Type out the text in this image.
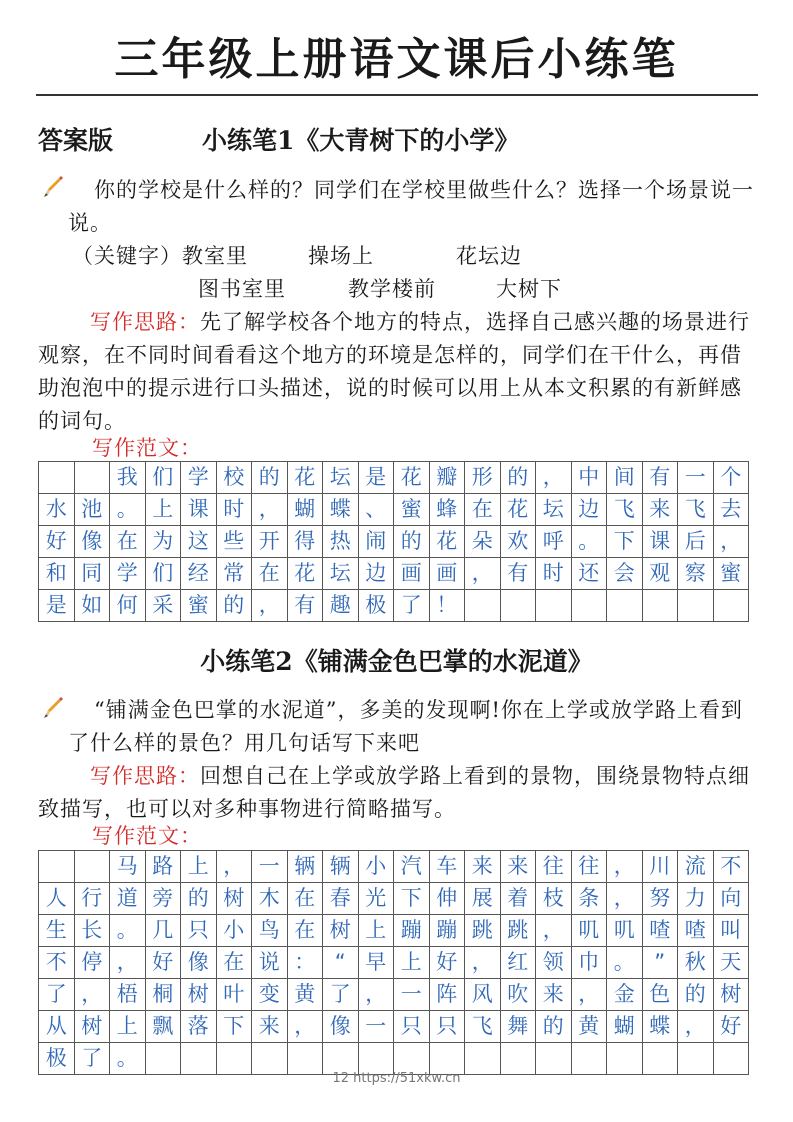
三年级上册语文课后小练笔
答案版	小练笔1《大青树下的小学》
你的学校是什么样的？同学们在学校里做些什么？选择一个场景说一说。
（关键字）教室里	操场上	花坛边
图书室里	教学楼前	大树下
写作思路：先了解学校各个地方的特点，选择自己感兴趣的场景进行观察，在不同时间看看这个地方的环境是怎样的，同学们在干什么，再借助泡泡中的提示进行口头描述，说的时候可以用上从本文积累的有新鲜感的词句。
写作范文：
		我	们	学	校	的	花	坛	是	花	瓣	形	的	，	中	间	有	一	个
水	池	。	上	课	时	，	蝴	蝶	、	蜜	蜂	在	花	坛	边	飞	来	飞	去
好	像	在	为	这	些	开	得	热	闹	的	花	朵	欢	呼	。	下	课	后	，
和	同	学	们	经	常	在	花	坛	边	画	画	，	有	时	还	会	观	察	蜜
是	如	何	采	蜜	的	，	有	趣	极	了	！								
小练笔2《铺满金色巴掌的水泥道》
“铺满金色巴掌的水泥道”，多美的发现啊!你在上学或放学路上看到了什么样的景色？用几句话写下来吧
写作思路：回想自己在上学或放学路上看到的景物，围绕景物特点细致描写，也可以对多种事物进行简略描写。
写作范文：
		马	路	上	，	一	辆	辆	小	汽	车	来	来	往	往	，	川	流	不
人	行	道	旁	的	树	木	在	春	光	下	伸	展	着	枝	条	，	努	力	向
生	长	。	几	只	小	鸟	在	树	上	蹦	蹦	跳	跳	，	叽	叽	喳	喳	叫
不	停	，	好	像	在	说	：	“	早	上	好	，	红	领	巾	。	”	秋	天
了	，	梧	桐	树	叶	变	黄	了	，	一	阵	风	吹	来	，	金	色	的	树
从	树	上	飘	落	下	来	，	像	一	只	只	飞	舞	的	黄	蝴	蝶	，	好
极	了	。																	
12 https://51xkw.cn
